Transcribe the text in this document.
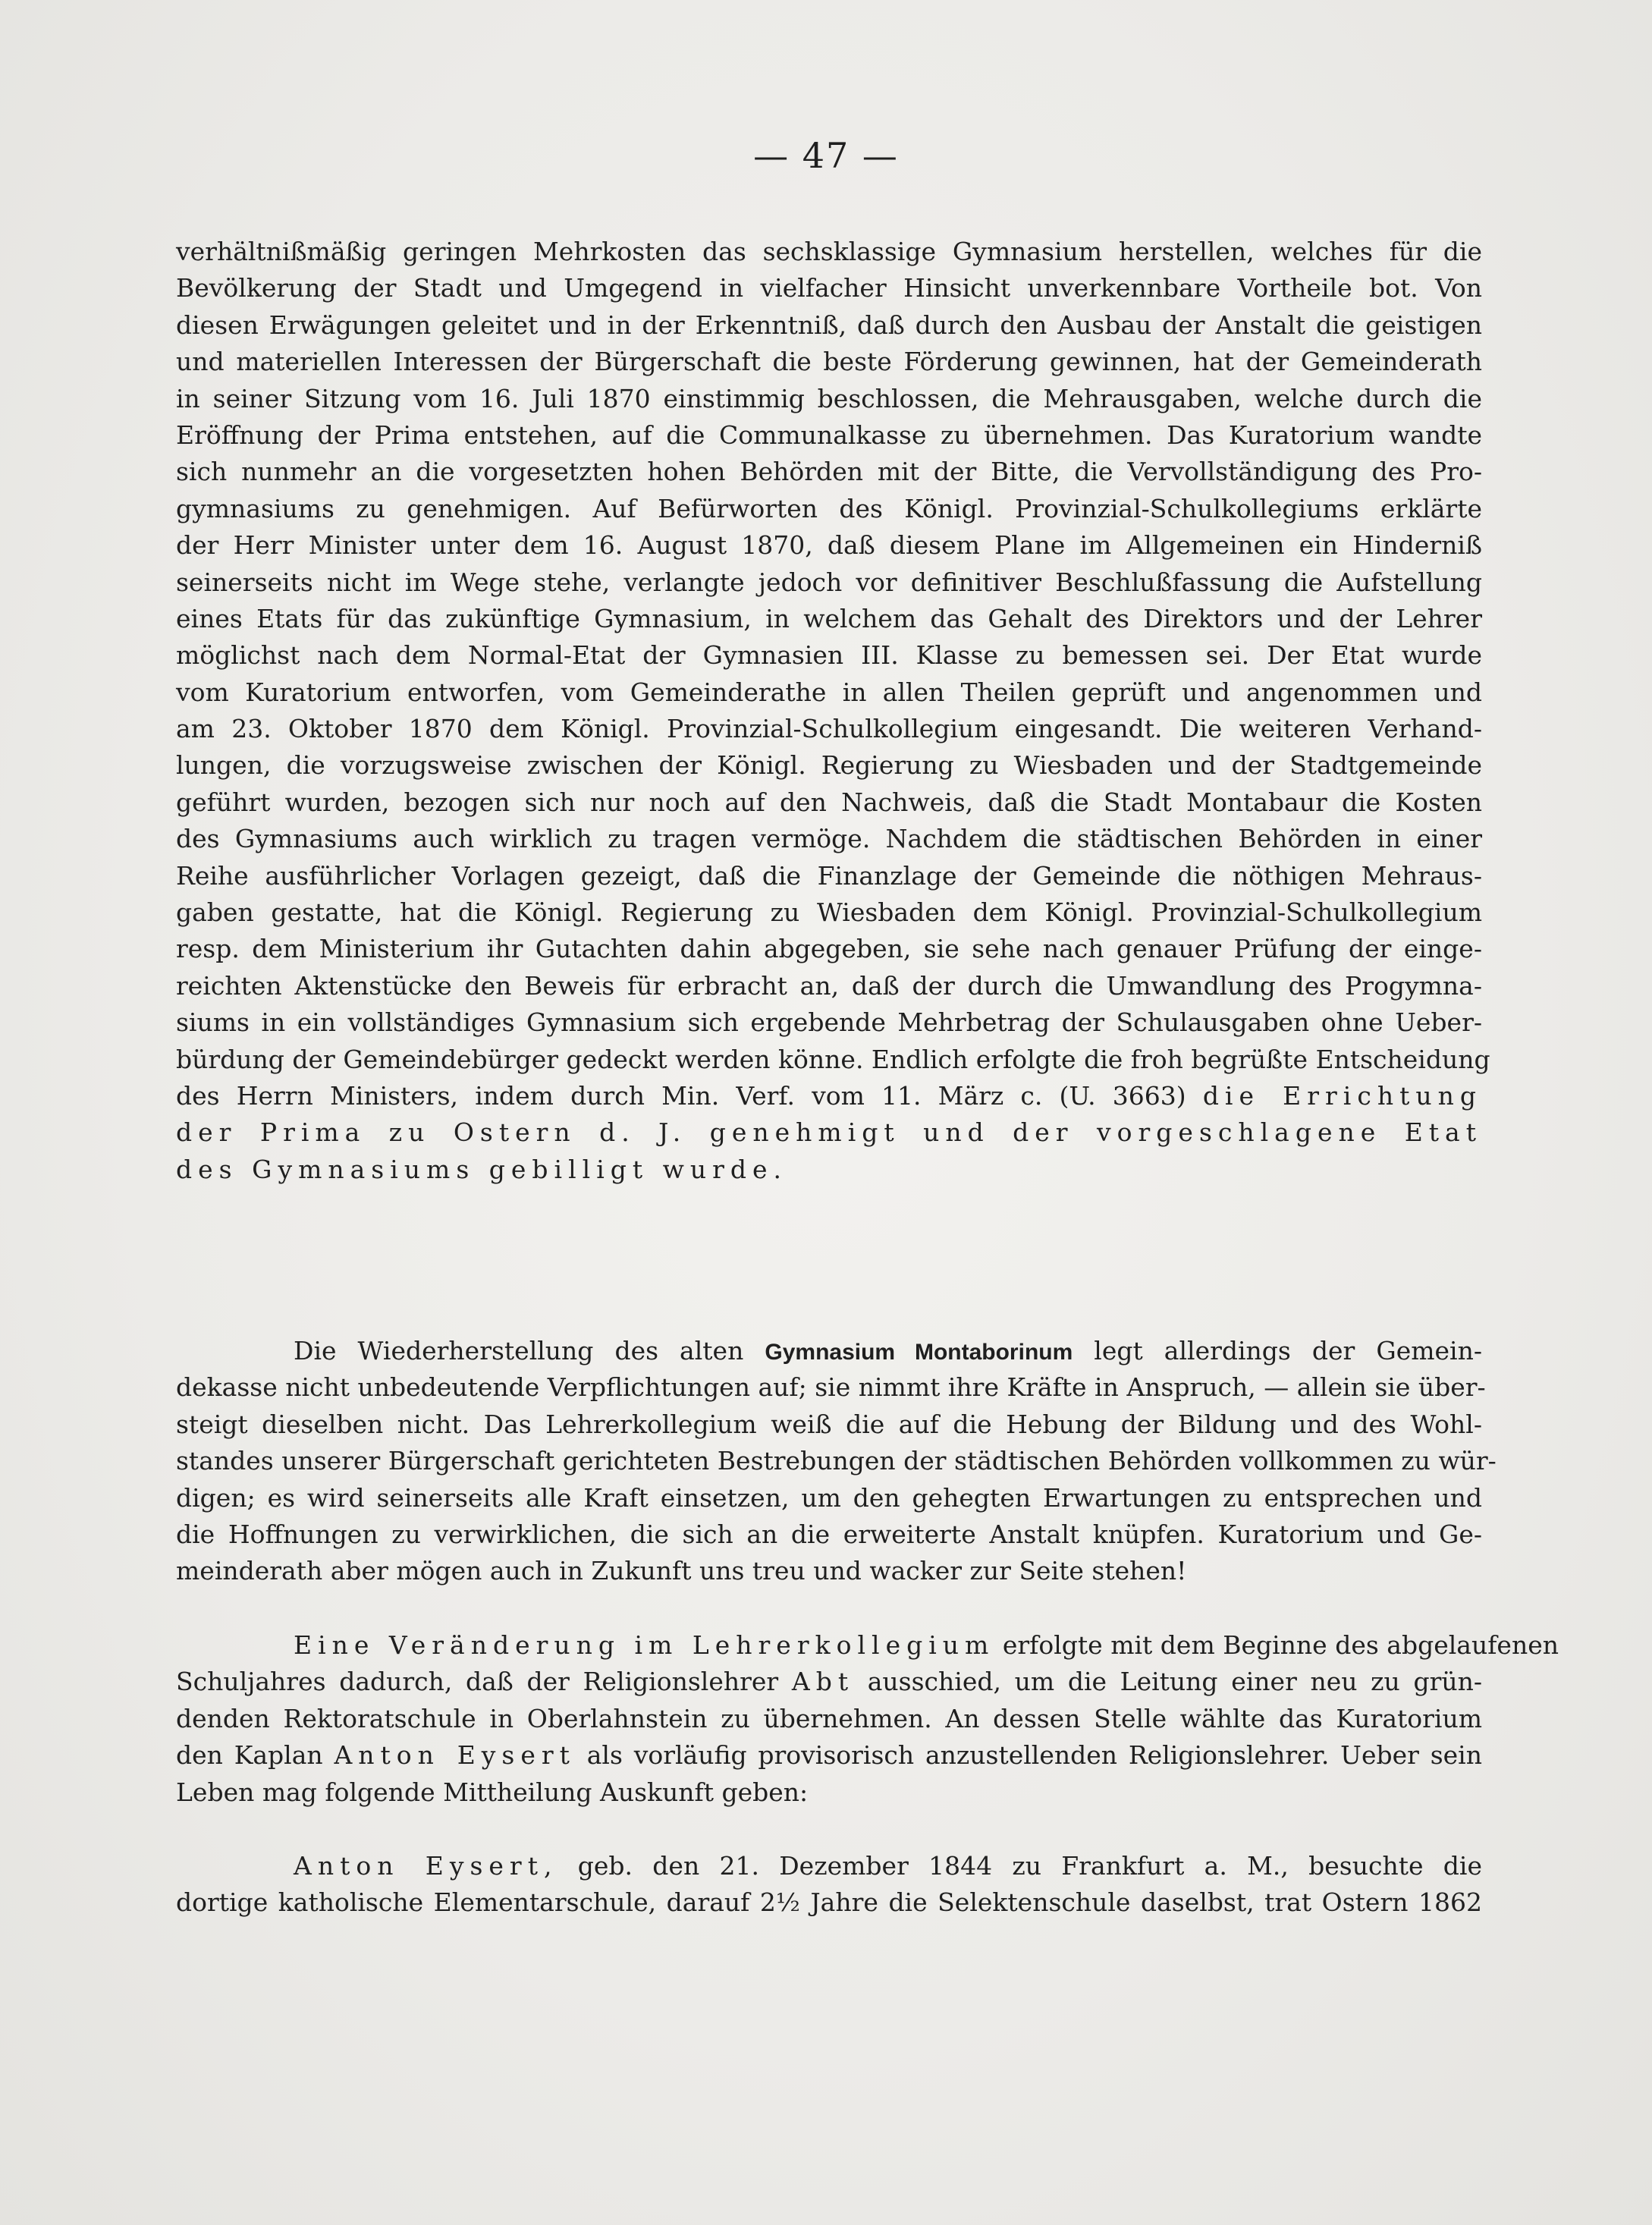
— 47 —
verhältnißmäßig geringen Mehrkosten das sechsklassige Gymnasium herstellen, welches für die
Bevölkerung der Stadt und Umgegend in vielfacher Hinsicht unverkennbare Vortheile bot. Von
diesen Erwägungen geleitet und in der Erkenntniß, daß durch den Ausbau der Anstalt die geistigen
und materiellen Interessen der Bürgerschaft die beste Förderung gewinnen, hat der Gemeinderath
in seiner Sitzung vom 16. Juli 1870 einstimmig beschlossen, die Mehrausgaben, welche durch die
Eröffnung der Prima entstehen, auf die Communalkasse zu übernehmen. Das Kuratorium wandte
sich nunmehr an die vorgesetzten hohen Behörden mit der Bitte, die Vervollständigung des Pro-
gymnasiums zu genehmigen. Auf Befürworten des Königl. Provinzial-Schulkollegiums erklärte
der Herr Minister unter dem 16. August 1870, daß diesem Plane im Allgemeinen ein Hinderniß
seinerseits nicht im Wege stehe, verlangte jedoch vor definitiver Beschlußfassung die Aufstellung
eines Etats für das zukünftige Gymnasium, in welchem das Gehalt des Direktors und der Lehrer
möglichst nach dem Normal-Etat der Gymnasien III. Klasse zu bemessen sei. Der Etat wurde
vom Kuratorium entworfen, vom Gemeinderathe in allen Theilen geprüft und angenommen und
am 23. Oktober 1870 dem Königl. Provinzial-Schulkollegium eingesandt. Die weiteren Verhand-
lungen, die vorzugsweise zwischen der Königl. Regierung zu Wiesbaden und der Stadtgemeinde
geführt wurden, bezogen sich nur noch auf den Nachweis, daß die Stadt Montabaur die Kosten
des Gymnasiums auch wirklich zu tragen vermöge. Nachdem die städtischen Behörden in einer
Reihe ausführlicher Vorlagen gezeigt, daß die Finanzlage der Gemeinde die nöthigen Mehraus-
gaben gestatte, hat die Königl. Regierung zu Wiesbaden dem Königl. Provinzial-Schulkollegium
resp. dem Ministerium ihr Gutachten dahin abgegeben, sie sehe nach genauer Prüfung der einge-
reichten Aktenstücke den Beweis für erbracht an, daß der durch die Umwandlung des Progymna-
siums in ein vollständiges Gymnasium sich ergebende Mehrbetrag der Schulausgaben ohne Ueber-
bürdung der Gemeindebürger gedeckt werden könne. Endlich erfolgte die froh begrüßte Entscheidung
des Herrn Ministers, indem durch Min. Verf. vom 11. März c. (U. 3663) die Errichtung
der Prima zu Ostern d. J. genehmigt und der vorgeschlagene Etat
des Gymnasiums gebilligt wurde.
Die Wiederherstellung des alten Gymnasium Montaborinum legt allerdings der Gemein-
dekasse nicht unbedeutende Verpflichtungen auf; sie nimmt ihre Kräfte in Anspruch, — allein sie über-
steigt dieselben nicht. Das Lehrerkollegium weiß die auf die Hebung der Bildung und des Wohl-
standes unserer Bürgerschaft gerichteten Bestrebungen der städtischen Behörden vollkommen zu wür-
digen; es wird seinerseits alle Kraft einsetzen, um den gehegten Erwartungen zu entsprechen und
die Hoffnungen zu verwirklichen, die sich an die erweiterte Anstalt knüpfen. Kuratorium und Ge-
meinderath aber mögen auch in Zukunft uns treu und wacker zur Seite stehen!
Eine Veränderung im Lehrerkollegium erfolgte mit dem Beginne des abgelaufenen
Schuljahres dadurch, daß der Religionslehrer Abt ausschied, um die Leitung einer neu zu grün-
denden Rektoratschule in Oberlahnstein zu übernehmen. An dessen Stelle wählte das Kuratorium
den Kaplan Anton Eysert als vorläufig provisorisch anzustellenden Religionslehrer. Ueber sein
Leben mag folgende Mittheilung Auskunft geben:
Anton Eysert, geb. den 21. Dezember 1844 zu Frankfurt a. M., besuchte die
dortige katholische Elementarschule, darauf 2½ Jahre die Selektenschule daselbst, trat Ostern 1862
